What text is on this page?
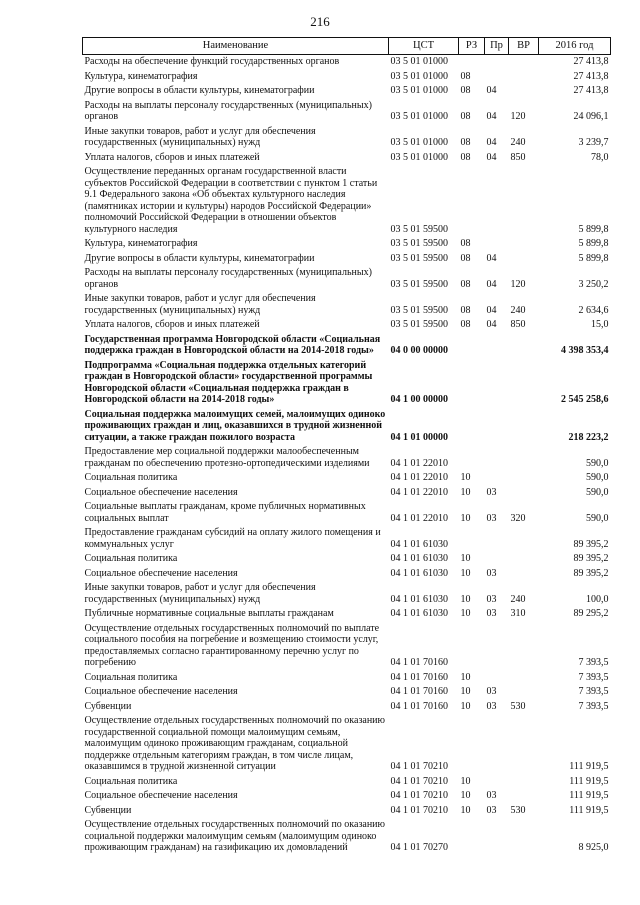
216
Наименование	ЦСТ	РЗ	Пр	ВР	2016 год
Расходы на обеспечение функций государственных органов	03 5 01 01000				27 413,8
Культура, кинематография	03 5 01 01000	08			27 413,8
Другие вопросы в области культуры, кинематографии	03 5 01 01000	08	04		27 413,8
Расходы на выплаты персоналу государственных (муниципальных) органов	03 5 01 01000	08	04	120	24 096,1
Иные закупки товаров, работ и услуг для обеспечения государственных (муниципальных) нужд	03 5 01 01000	08	04	240	3 239,7
Уплата налогов, сборов и иных платежей	03 5 01 01000	08	04	850	78,0
Осуществление переданных органам государственной власти субъектов Российской Федерации в соответствии с пунктом 1 статьи 9.1 Федерального закона «Об объектах культурного наследия (памятниках истории и культуры) народов Российской Федерации» полномочий Российской Федерации в отношении объектов культурного наследия	03 5 01 59500				5 899,8
Культура, кинематография	03 5 01 59500	08			5 899,8
Другие вопросы в области культуры, кинематографии	03 5 01 59500	08	04		5 899,8
Расходы на выплаты персоналу государственных (муниципальных) органов	03 5 01 59500	08	04	120	3 250,2
Иные закупки товаров, работ и услуг для обеспечения государственных (муниципальных) нужд	03 5 01 59500	08	04	240	2 634,6
Уплата налогов, сборов и иных платежей	03 5 01 59500	08	04	850	15,0
Государственная программа Новгородской области «Социальная поддержка граждан в Новгородской области на 2014-2018 годы»	04 0 00 00000				4 398 353,4
Подпрограмма «Социальная поддержка отдельных категорий граждан в Новгородской области» государственной программы Новгородской области «Социальная поддержка граждан в Новгородской области на 2014-2018 годы»	04 1 00 00000				2 545 258,6
Социальная поддержка малоимущих семей, малоимущих одиноко проживающих граждан и лиц, оказавшихся в трудной жизненной ситуации, а также граждан пожилого возраста	04 1 01 00000				218 223,2
Предоставление мер социальной поддержки малообеспеченным гражданам по обеспечению протезно-ортопедическими изделиями	04 1 01 22010				590,0
Социальная политика	04 1 01 22010	10			590,0
Социальное обеспечение населения	04 1 01 22010	10	03		590,0
Социальные выплаты гражданам, кроме публичных нормативных социальных выплат	04 1 01 22010	10	03	320	590,0
Предоставление гражданам субсидий на оплату жилого помещения и коммунальных услуг	04 1 01 61030				89 395,2
Социальная политика	04 1 01 61030	10			89 395,2
Социальное обеспечение населения	04 1 01 61030	10	03		89 395,2
Иные закупки товаров, работ и услуг для обеспечения государственных (муниципальных) нужд	04 1 01 61030	10	03	240	100,0
Публичные нормативные социальные выплаты гражданам	04 1 01 61030	10	03	310	89 295,2
Осуществление отдельных государственных полномочий по выплате социального пособия на погребение и возмещению стоимости услуг, предоставляемых согласно гарантированному перечню услуг по погребению	04 1 01 70160				7 393,5
Социальная политика	04 1 01 70160	10			7 393,5
Социальное обеспечение населения	04 1 01 70160	10	03		7 393,5
Субвенции	04 1 01 70160	10	03	530	7 393,5
Осуществление отдельных государственных полномочий по оказанию государственной социальной помощи малоимущим семьям, малоимущим одиноко проживающим гражданам, социальной поддержке отдельным категориям граждан, в том числе лицам, оказавшимся в трудной жизненной ситуации	04 1 01 70210				111 919,5
Социальная политика	04 1 01 70210	10			111 919,5
Социальное обеспечение населения	04 1 01 70210	10	03		111 919,5
Субвенции	04 1 01 70210	10	03	530	111 919,5
Осуществление отдельных государственных полномочий по оказанию социальной поддержки малоимущим семьям (малоимущим одиноко проживающим гражданам) на газификацию их домовладений	04 1 01 70270				8 925,0
